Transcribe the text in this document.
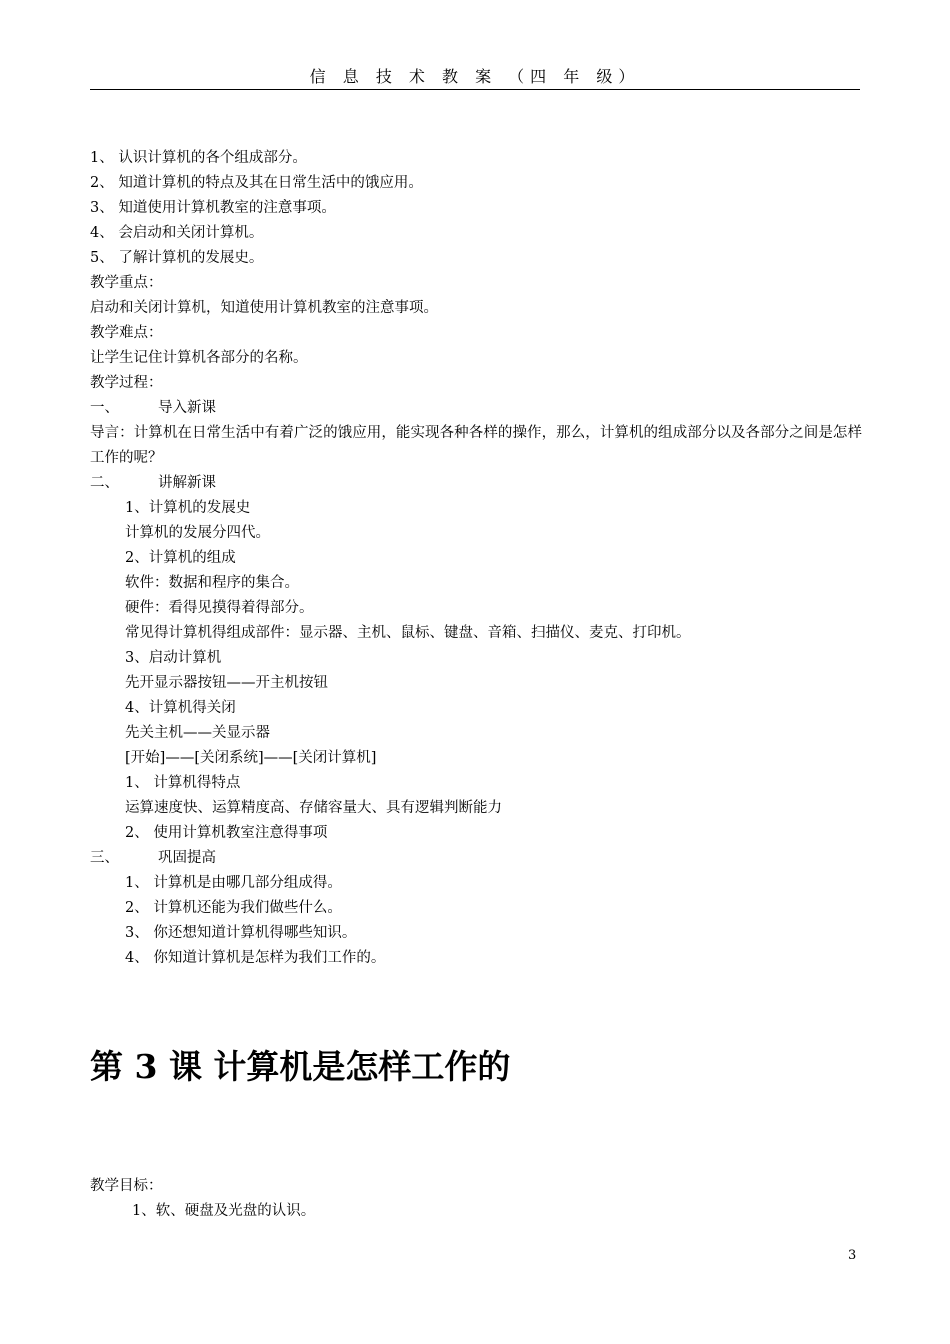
信 息 技 术 教 案 （四 年 级）
1、 认识计算机的各个组成部分。
2、 知道计算机的特点及其在日常生活中的饿应用。
3、 知道使用计算机教室的注意事项。
4、 会启动和关闭计算机。
5、 了解计算机的发展史。
教学重点：
启动和关闭计算机，知道使用计算机教室的注意事项。
教学难点：
让学生记住计算机各部分的名称。
教学过程：
一、	导入新课
导言：计算机在日常生活中有着广泛的饿应用，能实现各种各样的操作，那么，计算机的组成部分以及各部分之间是怎样工作的呢？
二、	讲解新课
1、计算机的发展史
计算机的发展分四代。
2、计算机的组成
软件：数据和程序的集合。
硬件：看得见摸得着得部分。
常见得计算机得组成部件：显示器、主机、鼠标、键盘、音箱、扫描仪、麦克、打印机。
3、启动计算机
先开显示器按钮——开主机按钮
4、计算机得关闭
先关主机——关显示器
[开始]——[关闭系统]——[关闭计算机]
1、 计算机得特点
运算速度快、运算精度高、存储容量大、具有逻辑判断能力
2、 使用计算机教室注意得事项
三、	巩固提高
1、 计算机是由哪几部分组成得。
2、 计算机还能为我们做些什么。
3、 你还想知道计算机得哪些知识。
4、 你知道计算机是怎样为我们工作的。
第 3 课 计算机是怎样工作的
教学目标：
1、软、硬盘及光盘的认识。
3
